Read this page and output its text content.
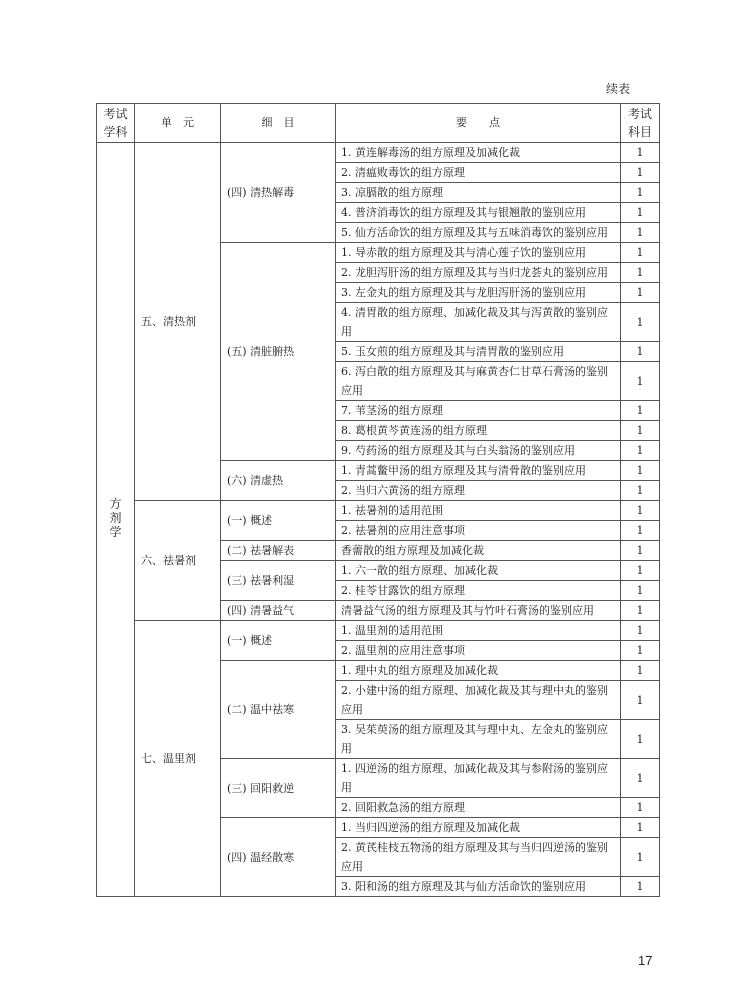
续表
考试学科	单　元	细　目	要　　点	考试科目
方剂学	五、清热剂	(四) 清热解毒	1. 黄连解毒汤的组方原理及加减化裁	1
			2. 清瘟败毒饮的组方原理	1
			3. 凉膈散的组方原理	1
			4. 普济消毒饮的组方原理及其与银翘散的鉴别应用	1
			5. 仙方活命饮的组方原理及其与五味消毒饮的鉴别应用	1
		(五) 清脏腑热	1. 导赤散的组方原理及其与清心莲子饮的鉴别应用	1
			2. 龙胆泻肝汤的组方原理及其与当归龙荟丸的鉴别应用	1
			3. 左金丸的组方原理及其与龙胆泻肝汤的鉴别应用	1
			4. 清胃散的组方原理、加减化裁及其与泻黄散的鉴别应用	1
			5. 玉女煎的组方原理及其与清胃散的鉴别应用	1
			6. 泻白散的组方原理及其与麻黄杏仁甘草石膏汤的鉴别应用	1
			7. 苇茎汤的组方原理	1
			8. 葛根黄芩黄连汤的组方原理	1
			9. 芍药汤的组方原理及其与白头翁汤的鉴别应用	1
		(六) 清虚热	1. 青蒿鳖甲汤的组方原理及其与清骨散的鉴别应用	1
			2. 当归六黄汤的组方原理	1
	六、祛暑剂	(一) 概述	1. 祛暑剂的适用范围	1
			2. 祛暑剂的应用注意事项	1
		(二) 祛暑解表	香薷散的组方原理及加减化裁	1
		(三) 祛暑利湿	1. 六一散的组方原理、加减化裁	1
			2. 桂苓甘露饮的组方原理	1
		(四) 清暑益气	清暑益气汤的组方原理及其与竹叶石膏汤的鉴别应用	1
	七、温里剂	(一) 概述	1. 温里剂的适用范围	1
			2. 温里剂的应用注意事项	1
		(二) 温中祛寒	1. 理中丸的组方原理及加减化裁	1
			2. 小建中汤的组方原理、加减化裁及其与理中丸的鉴别应用	1
			3. 吴茱萸汤的组方原理及其与理中丸、左金丸的鉴别应用	1
		(三) 回阳救逆	1. 四逆汤的组方原理、加减化裁及其与参附汤的鉴别应用	1
			2. 回阳救急汤的组方原理	1
		(四) 温经散寒	1. 当归四逆汤的组方原理及加减化裁	1
			2. 黄芪桂枝五物汤的组方原理及其与当归四逆汤的鉴别应用	1
			3. 阳和汤的组方原理及其与仙方活命饮的鉴别应用	1
17
